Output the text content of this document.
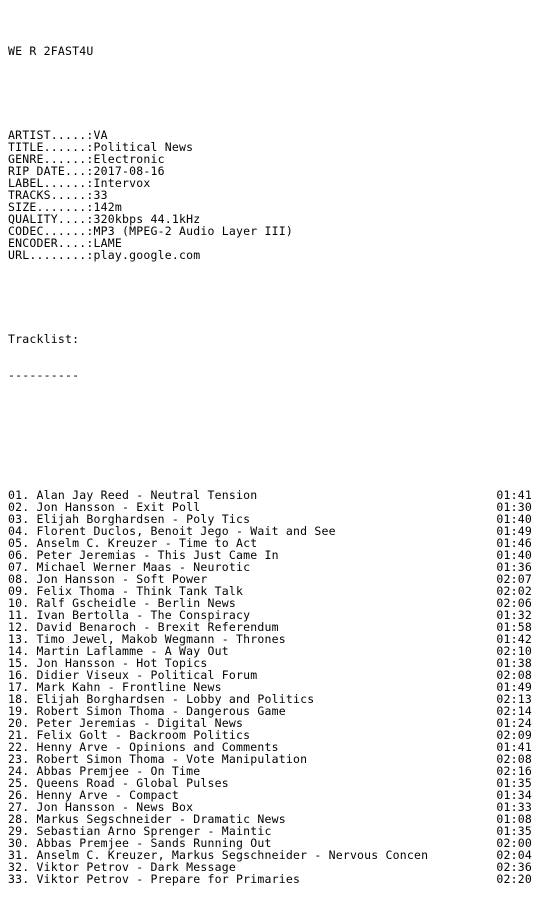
WE R 2FAST4U

ARTIST.....: VA
TITLE......: Political News
GENRE......: Electronic
RIP DATE...: 2017-08-16
LABEL......: Intervox
TRACKS.....: 33
SIZE.......: 142m
QUALITY....: 320kbps 44.1kHz
CODEC......: MP3 (MPEG-2 Audio Layer III)
ENCODER....: LAME
URL........: play.google.com

Tracklist:

----------

01. Alan Jay Reed - Neutral Tension	01:41
02. Jon Hansson - Exit Poll	01:30
03. Elijah Borghardsen - Poly Tics	01:40
04. Florent Duclos, Benoit Jego - Wait and See	01:49
05. Anselm C. Kreuzer - Time to Act	01:46
06. Peter Jeremias - This Just Came In	01:40
07. Michael Werner Maas - Neurotic	01:36
08. Jon Hansson - Soft Power	02:07
09. Felix Thoma - Think Tank Talk	02:02
10. Ralf Gscheidle - Berlin News	02:06
11. Ivan Bertolla - The Conspiracy	01:32
12. David Benaroch - Brexit Referendum	01:58
13. Timo Jewel, Makob Wegmann - Thrones	01:42
14. Martin Laflamme - A Way Out	02:10
15. Jon Hansson - Hot Topics	01:38
16. Didier Viseux - Political Forum	02:08
17. Mark Kahn - Frontline News	01:49
18. Elijah Borghardsen - Lobby and Politics	02:13
19. Robert Simon Thoma - Dangerous Game	02:14
20. Peter Jeremias - Digital News	01:24
21. Felix Golt - Backroom Politics	02:09
22. Henny Arve - Opinions and Comments	01:41
23. Robert Simon Thoma - Vote Manipulation	02:08
24. Abbas Premjee - On Time	02:16
25. Queens Road - Global Pulses	01:35
26. Henny Arve - Compact	01:34
27. Jon Hansson - News Box	01:33
28. Markus Segschneider - Dramatic News	01:08
29. Sebastian Arno Sprenger - Maintic	01:35
30. Abbas Premjee - Sands Running Out	02:00
31. Anselm C. Kreuzer, Markus Segschneider - Nervous Concen	02:04
32. Viktor Petrov - Dark Message	02:36
33. Viktor Petrov - Prepare for Primaries	02:20
